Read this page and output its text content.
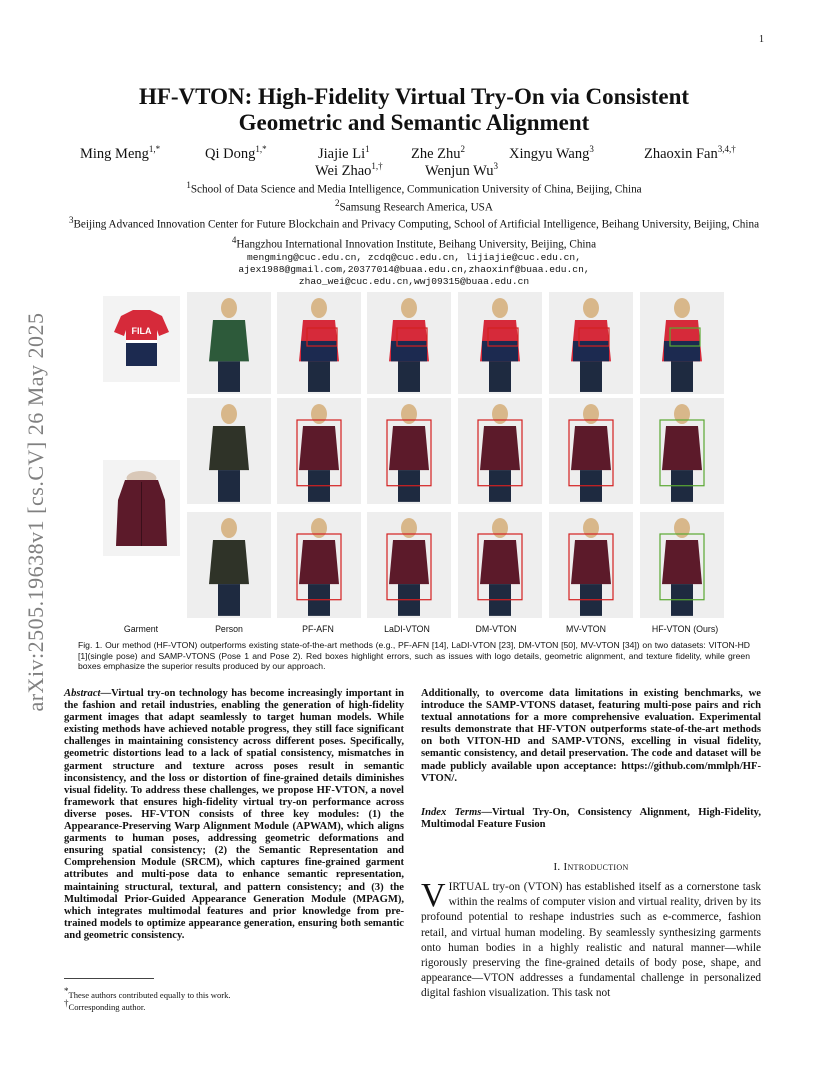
1
arXiv:2505.19638v1 [cs.CV] 26 May 2025
HF-VTON: High-Fidelity Virtual Try-On via Consistent
Geometric and Semantic Alignment
Ming Meng$^{1,*}$	Qi Dong$^{1,*}$	Jiajie Li$^1$	Zhe Zhu$^2$	Xingyu Wang$^3$	Zhaoxin Fan$^{3,4,\dagger}$
Wei Zhao$^{1,\dagger}$	Wenjun Wu$^3$
$^1$School of Data Science and Media Intelligence, Communication University of China, Beijing, China
$^2$Samsung Research America, USA
$^3$Beijing Advanced Innovation Center for Future Blockchain and Privacy Computing, School of Artificial Intelligence, Beihang University, Beijing, China
$^4$Hangzhou International Innovation Institute, Beihang University, Beijing, China
mengming@cuc.edu.cn, zcdq@cuc.edu.cn, lijiajie@cuc.edu.cn,
ajex1988@gmail.com,20377014@buaa.edu.cn,zhaoxinf@buaa.edu.cn,
zhao_wei@cuc.edu.cn,wwj09315@buaa.edu.cn
FILA
Garment	Person	PF-AFN	LaDI-VTON	DM-VTON	MV-VTON	HF-VTON (Ours)
Fig. 1. Our method (HF-VTON) outperforms existing state-of-the-art methods (e.g., PF-AFN [14], LaDI-VTON [23], DM-VTON [50], MV-VTON [34]) on two datasets: VITON-HD [1](single pose) and SAMP-VTONS (Pose 1 and Pose 2). Red boxes highlight errors, such as issues with logo details, geometric alignment, and texture fidelity, while green boxes emphasize the superior results produced by our approach.
Abstract—Virtual try-on technology has become increasingly important in the fashion and retail industries, enabling the generation of high-fidelity garment images that adapt seamlessly to target human models. While existing methods have achieved notable progress, they still face significant challenges in maintaining consistency across different poses. Specifically, geometric distortions lead to a lack of spatial consistency, mismatches in garment structure and texture across poses result in semantic inconsistency, and the loss or distortion of fine-grained details diminishes visual fidelity. To address these challenges, we propose HF-VTON, a novel framework that ensures high-fidelity virtual try-on performance across diverse poses. HF-VTON consists of three key modules: (1) the Appearance-Preserving Warp Alignment Module (APWAM), which aligns garments to human poses, addressing geometric deformations and ensuring spatial consistency; (2) the Semantic Representation and Comprehension Module (SRCM), which captures fine-grained garment attributes and multi-pose data to enhance semantic representation, maintaining structural, textural, and pattern consistency; and (3) the Multimodal Prior-Guided Appearance Generation Module (MPAGM), which integrates multimodal features and prior knowledge from pre-trained models to optimize appearance generation, ensuring both semantic and geometric consistency.
Additionally, to overcome data limitations in existing benchmarks, we introduce the SAMP-VTONS dataset, featuring multi-pose pairs and rich textual annotations for a more comprehensive evaluation. Experimental results demonstrate that HF-VTON outperforms state-of-the-art methods on both VITON-HD and SAMP-VTONS, excelling in visual fidelity, semantic consistency, and detail preservation. The code and dataset will be made publicly available upon acceptance: https://github.com/mmlph/HF-VTON/.
Index Terms—Virtual Try-On, Consistency Alignment, High-Fidelity, Multimodal Feature Fusion
I. Introduction
VIRTUAL try-on (VTON) has established itself as a cornerstone task within the realms of computer vision and virtual reality, driven by its profound potential to reshape industries such as e-commerce, fashion retail, and virtual human modeling. By seamlessly synthesizing garments onto human bodies in a highly realistic and natural manner—while rigorously preserving the fine-grained details of body pose, shape, and appearance—VTON addresses a fundamental challenge in personalized digital fashion visualization. This task not
*These authors contributed equally to this work.
†Corresponding author.
